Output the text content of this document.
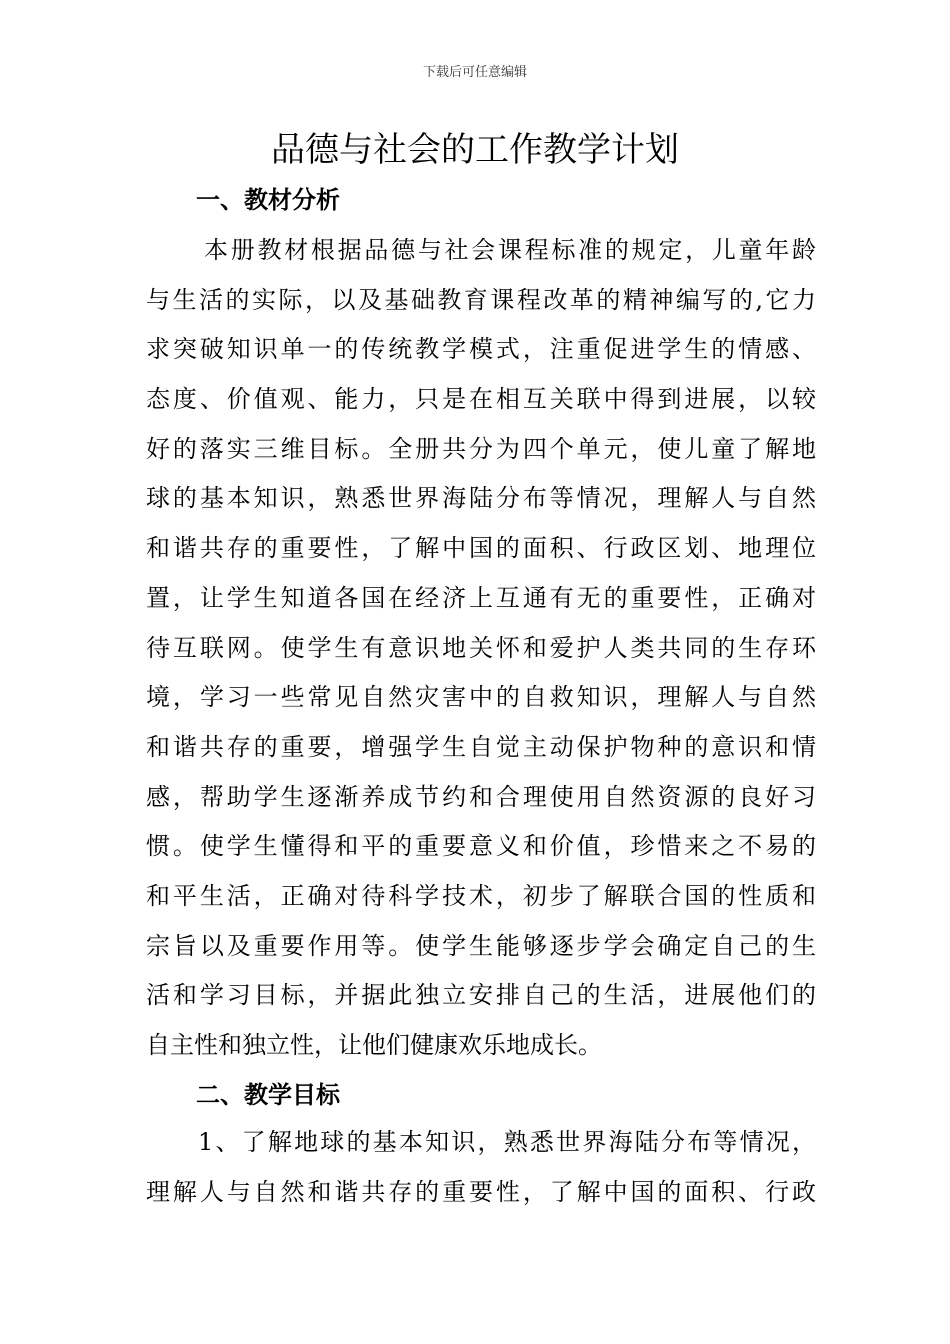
下载后可任意编辑
品德与社会的工作教学计划
一、教材分析
本册教材根据品德与社会课程标准的规定，儿童年龄
与生活的实际，以及基础教育课程改革的精神编写的,它力
求突破知识单一的传统教学模式，注重促进学生的情感、
态度、价值观、能力，只是在相互关联中得到进展，以较
好的落实三维目标。全册共分为四个单元，使儿童了解地
球的基本知识，熟悉世界海陆分布等情况，理解人与自然
和谐共存的重要性，了解中国的面积、行政区划、地理位
置，让学生知道各国在经济上互通有无的重要性，正确对
待互联网。使学生有意识地关怀和爱护人类共同的生存环
境，学习一些常见自然灾害中的自救知识，理解人与自然
和谐共存的重要，增强学生自觉主动保护物种的意识和情
感，帮助学生逐渐养成节约和合理使用自然资源的良好习
惯。使学生懂得和平的重要意义和价值，珍惜来之不易的
和平生活，正确对待科学技术，初步了解联合国的性质和
宗旨以及重要作用等。使学生能够逐步学会确定自己的生
活和学习目标，并据此独立安排自己的生活，进展他们的
自主性和独立性，让他们健康欢乐地成长。
二、教学目标
1、了解地球的基本知识，熟悉世界海陆分布等情况，
理解人与自然和谐共存的重要性，了解中国的面积、行政
